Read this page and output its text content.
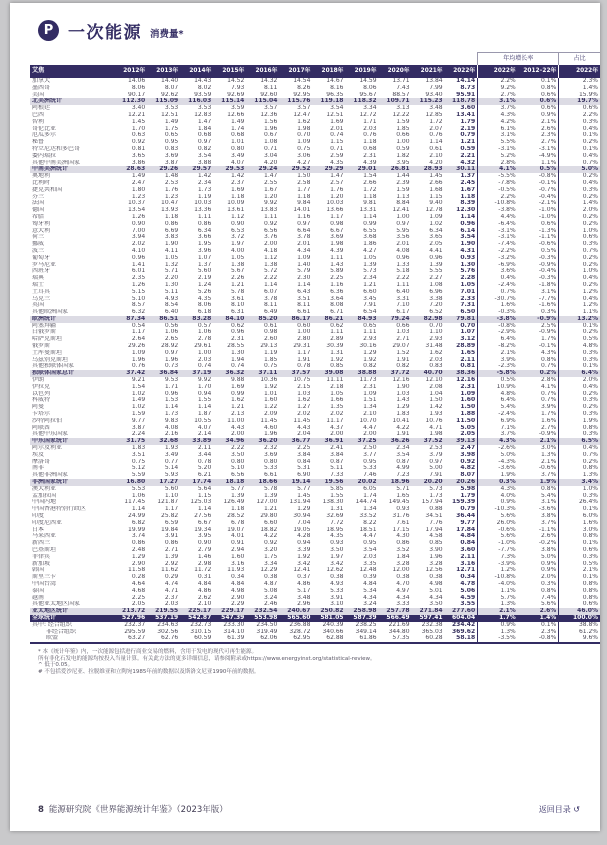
P 一次能源 消费量*
												年均增长率		占比
艾焦	2012年	2013年	2014年	2015年	2016年	2017年	2018年	2019年	2020年	2021年	2022年	2022年	2012–22年	2022年
加拿大	14.06	14.40	14.43	14.52	14.32	14.54	14.67	14.59	13.71	13.84	14.14	2.2%	0.1%	2.3%
墨西哥	8.06	8.07	8.02	7.93	8.11	8.26	8.16	8.06	7.43	7.99	8.73	9.2%	0.8%	1.4%
美国	90.17	92.62	93.59	92.69	92.60	92.95	96.35	95.67	88.57	93.40	95.91	2.7%	0.6%	15.9%
北美洲统计	112.30	115.09	116.03	115.14	115.04	115.76	119.18	118.32	109.71	115.23	118.78	3.1%	0.6%	19.7%
阿根廷	3.40	3.53	3.53	3.59	3.57	3.57	3.54	3.34	3.13	3.48	3.60	3.7%	0.6%	0.6%
巴西	12.21	12.51	12.83	12.66	12.36	12.47	12.51	12.72	12.22	12.85	13.41	4.3%	0.9%	2.2%
智利	1.45	1.49	1.47	1.49	1.56	1.62	1.69	1.71	1.59	1.72	1.79	4.2%	2.1%	0.3%
哥伦比亚	1.70	1.75	1.84	1.74	1.96	1.98	2.01	2.03	1.85	2.07	2.19	6.1%	2.6%	0.4%
厄瓜多尔	0.63	0.65	0.68	0.68	0.67	0.70	0.74	0.76	0.66	0.76	0.79	3.1%	2.3%	0.1%
秘鲁	0.92	0.95	0.97	1.01	1.08	1.09	1.15	1.18	1.00	1.14	1.21	5.5%	2.7%	0.2%
特立尼达和多巴哥	0.81	0.83	0.82	0.80	0.71	0.75	0.71	0.68	0.59	0.61	0.59	-3.1%	-3.1%	0.1%
委内瑞拉	3.65	3.69	3.54	3.49	3.04	3.06	2.59	2.31	1.82	2.10	2.21	5.2%	-4.9%	0.4%
其他中南美洲国家	3.86	3.87	3.88	4.07	4.20	4.27	4.35	4.39	3.95	4.20	4.32	2.8%	1.1%	0.7%
中南美洲统计	28.63	29.26	29.57	29.53	29.24	29.52	29.29	29.01	26.81	28.93	30.11	4.1%	0.5%	5.0%
奥地利	1.49	1.48	1.42	1.42	1.47	1.50	1.47	1.54	1.44	1.45	1.37	-5.5%	-0.8%	0.2%
比利时	2.47	2.53	2.34	2.37	2.55	2.58	2.57	2.66	2.39	2.66	2.45	-7.8%	-0.1%	0.4%
捷克共和国	1.80	1.76	1.73	1.69	1.67	1.77	1.76	1.72	1.59	1.68	1.67	-0.5%	-0.7%	0.3%
芬兰	1.23	1.23	1.19	1.18	1.20	1.18	1.20	1.18	1.13	1.15	1.18	2.2%	-0.4%	0.2%
法国	10.37	10.47	10.03	10.09	9.92	9.84	10.03	9.81	8.84	9.40	8.39	-10.8%	-2.1%	1.4%
德国	13.54	13.93	13.36	13.61	13.83	14.01	13.66	13.31	12.41	12.78	12.30	-3.8%	-1.0%	2.0%
希腊	1.26	1.18	1.11	1.12	1.11	1.16	1.17	1.14	1.00	1.09	1.14	4.4%	-1.0%	0.2%
匈牙利	0.90	0.86	0.86	0.90	0.92	0.97	0.98	0.99	0.97	1.02	0.96	-6.4%	0.6%	0.2%
意大利	7.00	6.69	6.34	6.53	6.56	6.64	6.67	6.55	5.95	6.34	6.14	-3.1%	-1.3%	1.0%
荷兰	3.94	3.83	3.66	3.72	3.76	3.78	3.69	3.68	3.56	3.65	3.54	-3.1%	-1.1%	0.6%
挪威	2.02	1.90	1.95	1.97	2.00	2.01	1.98	1.86	2.01	2.05	1.90	-7.4%	-0.6%	0.3%
波兰	4.10	4.11	3.96	4.00	4.18	4.34	4.39	4.27	4.08	4.41	4.31	-2.2%	0.5%	0.7%
葡萄牙	0.96	1.05	1.07	1.05	1.12	1.09	1.11	1.05	0.96	0.96	0.93	-3.2%	-0.3%	0.2%
罗马尼亚	1.41	1.32	1.37	1.38	1.38	1.40	1.43	1.39	1.33	1.39	1.30	-6.9%	-0.9%	0.2%
西班牙	6.01	5.71	5.60	5.67	5.72	5.79	5.89	5.73	5.18	5.55	5.76	3.6%	-0.4%	1.0%
瑞典	2.35	2.20	2.19	2.26	2.22	2.30	2.25	2.34	2.22	2.27	2.28	0.4%	-0.3%	0.4%
瑞士	1.26	1.30	1.24	1.21	1.14	1.14	1.16	1.21	1.11	1.08	1.05	-2.4%	-1.8%	0.2%
土耳其	5.15	5.11	5.26	5.78	6.07	6.43	6.36	6.60	6.40	6.96	7.01	0.7%	3.1%	1.2%
乌克兰	5.10	4.93	4.35	3.61	3.78	3.51	3.64	3.45	3.31	3.38	2.33	-30.7%	-7.7%	0.4%
英国	8.57	8.54	8.06	8.10	8.11	8.11	8.08	7.91	7.10	7.20	7.31	1.6%	-1.6%	1.2%
其他欧洲国家	6.32	6.40	6.18	6.31	6.49	6.61	6.71	6.54	6.17	6.52	6.50	-0.3%	0.3%	1.1%
欧洲统计	87.34	86.51	83.28	84.10	85.20	86.17	86.21	84.93	79.24	82.98	79.81	-3.8%	-0.9%	13.2%
阿塞拜疆	0.54	0.56	0.57	0.62	0.61	0.60	0.62	0.65	0.66	0.70	0.70	-0.8%	2.5%	0.1%
白俄罗斯	1.17	1.06	1.06	0.96	0.98	1.00	1.11	1.11	1.03	1.10	1.07	-2.9%	-0.9%	0.2%
哈萨克斯坦	2.64	2.65	2.78	2.31	2.60	2.80	2.89	2.93	2.71	2.93	3.12	6.4%	1.7%	0.5%
俄罗斯	29.26	28.92	29.61	28.55	29.13	29.31	30.39	30.16	29.07	31.48	28.89	-8.2%	-0.1%	4.8%
土库曼斯坦	1.09	0.97	1.00	1.30	1.19	1.17	1.31	1.29	1.52	1.62	1.65	2.1%	4.3%	0.3%
乌兹别克斯坦	1.96	1.96	2.03	1.94	1.85	1.91	1.92	1.92	1.91	2.03	2.11	3.9%	0.8%	0.3%
其他独联体国家	0.76	0.73	0.74	0.74	0.75	0.78	0.85	0.82	0.82	0.83	0.81	-2.3%	0.7%	0.1%
独联体国家总计	37.42	36.84	37.19	36.32	37.11	37.57	39.08	38.88	37.72	40.70	38.36	-5.8%	0.2%	6.4%
伊朗	9.21	9.53	9.92	9.88	10.36	10.75	11.11	11.73	12.16	12.10	12.16	0.5%	2.8%	2.0%
伊拉克	1.54	1.71	1.70	1.69	1.92	2.15	2.18	2.31	1.90	2.08	2.31	10.9%	4.1%	0.4%
以色列	1.02	0.96	0.94	0.99	1.01	1.03	1.05	1.09	1.03	1.04	1.09	4.8%	0.7%	0.2%
科威特	1.49	1.53	1.55	1.62	1.60	1.62	1.66	1.51	1.43	1.50	1.60	6.4%	0.7%	0.3%
阿曼	1.02	1.14	1.14	1.21	1.22	1.27	1.35	1.34	1.29	1.42	1.50	5.4%	3.9%	0.2%
卡塔尔	1.59	1.73	1.87	2.13	2.09	2.02	2.02	2.10	1.83	1.93	1.88	-2.4%	1.7%	0.3%
沙特阿拉伯	9.77	9.83	10.55	11.00	11.45	11.45	11.17	10.70	10.41	10.76	11.50	6.9%	1.6%	1.9%
阿联酋	3.87	4.08	4.07	4.43	4.60	4.43	4.37	4.47	4.22	4.71	5.05	7.1%	2.7%	0.8%
其他中东国家	2.24	2.16	2.14	2.00	1.96	2.04	2.00	2.00	1.91	1.98	2.05	3.7%	-0.9%	0.3%
中东国家统计	31.75	32.68	33.89	34.96	36.20	36.77	36.91	37.25	36.26	37.52	39.13	4.3%	2.1%	6.5%
阿尔及利亚	1.83	1.93	2.11	2.22	2.32	2.25	2.41	2.50	2.34	2.53	2.47	-2.6%	3.0%	0.4%
埃及	3.51	3.49	3.44	3.50	3.69	3.84	3.84	3.77	3.54	3.79	3.98	5.0%	1.3%	0.7%
摩洛哥	0.75	0.77	0.78	0.80	0.80	0.84	0.87	0.95	0.87	0.97	0.92	-4.3%	2.1%	0.2%
南非	5.12	5.14	5.20	5.10	5.33	5.31	5.11	5.33	4.99	5.00	4.82	-3.6%	-0.6%	0.8%
其他非洲国家	5.59	5.93	6.21	6.56	6.61	6.90	7.33	7.46	7.23	7.91	8.07	1.9%	3.7%	1.3%
非洲国家统计	16.80	17.27	17.74	18.18	18.66	19.14	19.56	20.02	18.96	20.20	20.26	0.3%	1.9%	3.4%
澳大利亚	5.53	5.60	5.64	5.77	5.78	5.77	5.85	6.05	5.71	5.73	5.98	4.3%	0.8%	1.0%
孟加拉国	1.06	1.10	1.15	1.39	1.39	1.45	1.55	1.74	1.65	1.73	1.79	4.0%	5.4%	0.3%
中国内地	117.45	121.87	125.03	126.49	127.00	131.94	138.30	144.74	149.45	157.94	159.39	0.9%	3.1%	26.4%
中国香港特别行政区	1.14	1.17	1.14	1.18	1.21	1.29	1.31	1.34	0.93	0.88	0.79	-10.3%	-3.6%	0.1%
印度	24.99	25.82	27.56	28.52	29.80	30.94	32.69	33.52	31.76	34.51	36.44	5.6%	3.8%	6.0%
印度尼西亚	6.82	6.59	6.67	6.78	6.60	7.04	7.72	8.22	7.61	7.76	9.77	26.0%	3.7%	1.6%
日本	19.99	19.84	19.34	19.07	18.82	19.05	18.95	18.51	17.15	17.94	17.84	-0.6%	-1.1%	3.0%
马来西亚	3.74	3.91	3.95	4.01	4.22	4.28	4.35	4.47	4.30	4.58	4.84	5.6%	2.6%	0.8%
新西兰	0.86	0.86	0.90	0.91	0.92	0.94	0.93	0.95	0.86	0.85	0.84	-1.0%	-0.2%	0.1%
巴基斯坦	2.48	2.71	2.79	2.94	3.20	3.39	3.50	3.54	3.52	3.90	3.60	-7.7%	3.8%	0.6%
菲律宾	1.29	1.39	1.46	1.60	1.75	1.92	1.97	2.03	1.84	1.96	2.11	7.3%	5.0%	0.3%
新加坡	2.90	2.92	2.98	3.16	3.34	3.42	3.42	3.35	3.28	3.28	3.16	-3.9%	0.9%	0.5%
韩国	11.58	11.62	11.72	11.93	12.29	12.41	12.62	12.48	12.00	12.56	12.71	1.2%	0.9%	2.1%
斯里兰卡	0.28	0.29	0.31	0.34	0.38	0.37	0.38	0.39	0.38	0.38	0.34	-10.8%	2.0%	0.1%
中国台湾	4.64	4.74	4.84	4.84	4.87	4.86	4.93	4.84	4.70	4.98	4.78	-4.0%	0.3%	0.8%
泰国	4.68	4.71	4.86	4.98	5.08	5.17	5.33	5.34	4.97	5.01	5.06	1.1%	0.8%	0.8%
越南	2.25	2.37	2.62	2.90	3.24	3.48	3.91	4.34	4.34	4.34	4.59	5.7%	7.4%	0.8%
其他亚太地区国家	2.05	2.03	2.10	2.29	2.46	2.96	3.10	3.24	3.33	3.50	3.55	1.3%	5.6%	0.6%
亚太地区统计	213.72	219.55	225.17	229.17	232.54	240.67	250.82	258.98	257.78	271.84	277.60	2.1%	2.6%	46.0%
全球统计	527.96	537.19	542.87	547.39	553.98	565.60	581.05	587.39	566.49	597.41	604.04	1.7%	1.4%	100.0%
其中: 经合组织	232.37	234.63	232.73	233.30	234.50	236.88	240.39	238.25	221.69	232.38	234.42	0.9%	0.1%	38.8%
非经合组织	295.59	302.56	310.15	314.10	319.49	328.72	340.66	349.14	344.80	365.03	369.62	1.3%	2.3%	61.2%
欧盟	63.27	62.76	60.59	61.39	62.06	62.95	62.88	61.86	57.35	60.28	58.18	-3.5%	-0.8%	9.6%
* 本《统计年鉴》内，一次能源包括进行商业交易的燃料，含用于发电的现代可再生能源。
所有非化石发电的能源均按投入当量计算。有关此方法的更多详细信息，请参阅附录或https://www.energyinst.org/statistical-review。
^ 低于0.05。
# 不包括爱沙尼亚、拉脱维亚和立陶宛1985年前的数据以及斯洛文尼亚1990年前的数据。
8 能源研究院《世界能源统计年鉴》（2023年版）	返回目录 ↺
